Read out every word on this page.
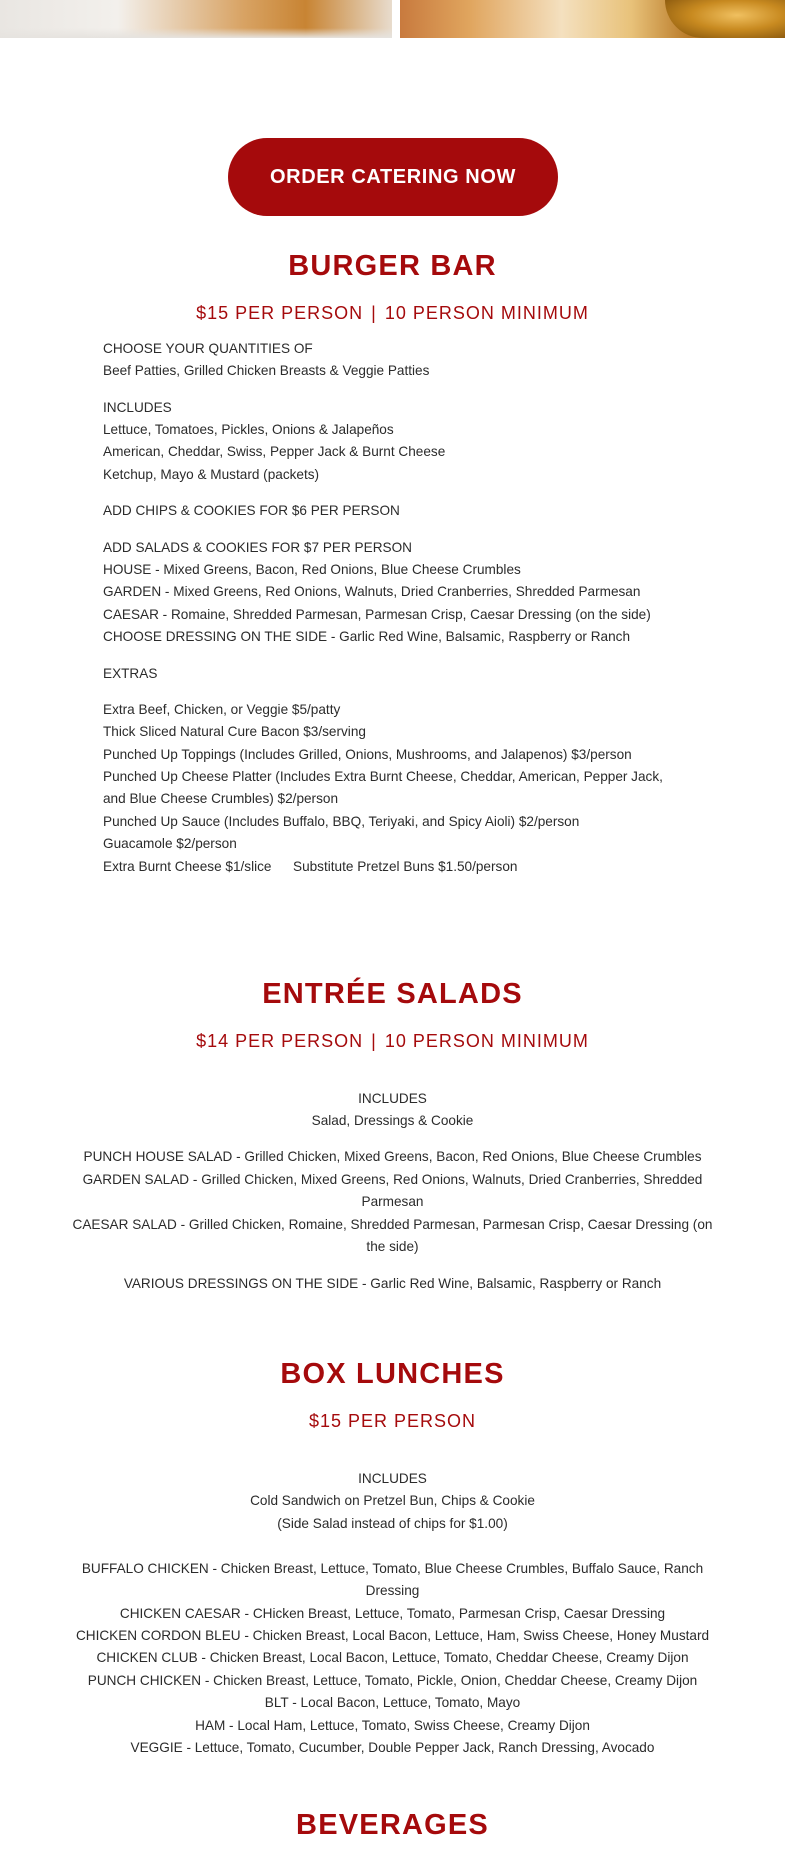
ORDER CATERING NOW
BURGER BAR
$15 PER PERSON | 10 PERSON MINIMUM
CHOOSE YOUR QUANTITIES OF
Beef Patties, Grilled Chicken Breasts & Veggie Patties
INCLUDES
Lettuce, Tomatoes, Pickles, Onions & Jalapeños
American, Cheddar, Swiss, Pepper Jack & Burnt Cheese
Ketchup, Mayo & Mustard (packets)
ADD CHIPS & COOKIES FOR $6 PER PERSON
ADD SALADS & COOKIES FOR $7 PER PERSON
HOUSE - Mixed Greens, Bacon, Red Onions, Blue Cheese Crumbles
GARDEN - Mixed Greens, Red Onions, Walnuts, Dried Cranberries, Shredded Parmesan
CAESAR - Romaine, Shredded Parmesan, Parmesan Crisp, Caesar Dressing (on the side)
CHOOSE DRESSING ON THE SIDE - Garlic Red Wine, Balsamic, Raspberry or Ranch
EXTRAS
Extra Beef, Chicken, or Veggie $5/patty
Thick Sliced Natural Cure Bacon $3/serving
Punched Up Toppings (Includes Grilled, Onions, Mushrooms, and Jalapenos) $3/person
Punched Up Cheese Platter (Includes Extra Burnt Cheese, Cheddar, American, Pepper Jack,
and Blue Cheese Crumbles) $2/person
Punched Up Sauce (Includes Buffalo, BBQ, Teriyaki, and Spicy Aioli) $2/person
Guacamole $2/person
Extra Burnt Cheese $1/slice Substitute Pretzel Buns $1.50/person
ENTRÉE SALADS
$14 PER PERSON | 10 PERSON MINIMUM
INCLUDES
Salad, Dressings & Cookie
PUNCH HOUSE SALAD - Grilled Chicken, Mixed Greens, Bacon, Red Onions, Blue Cheese Crumbles
GARDEN SALAD - Grilled Chicken, Mixed Greens, Red Onions, Walnuts, Dried Cranberries, Shredded Parmesan
CAESAR SALAD - Grilled Chicken, Romaine, Shredded Parmesan, Parmesan Crisp, Caesar Dressing (on the side)
VARIOUS DRESSINGS ON THE SIDE - Garlic Red Wine, Balsamic, Raspberry or Ranch
BOX LUNCHES
$15 PER PERSON
INCLUDES
Cold Sandwich on Pretzel Bun, Chips & Cookie
(Side Salad instead of chips for $1.00)
BUFFALO CHICKEN - Chicken Breast, Lettuce, Tomato, Blue Cheese Crumbles, Buffalo Sauce, Ranch Dressing
CHICKEN CAESAR - CHicken Breast, Lettuce, Tomato, Parmesan Crisp, Caesar Dressing
CHICKEN CORDON BLEU - Chicken Breast, Local Bacon, Lettuce, Ham, Swiss Cheese, Honey Mustard
CHICKEN CLUB - Chicken Breast, Local Bacon, Lettuce, Tomato, Cheddar Cheese, Creamy Dijon
PUNCH CHICKEN - Chicken Breast, Lettuce, Tomato, Pickle, Onion, Cheddar Cheese, Creamy Dijon
BLT - Local Bacon, Lettuce, Tomato, Mayo
HAM - Local Ham, Lettuce, Tomato, Swiss Cheese, Creamy Dijon
VEGGIE - Lettuce, Tomato, Cucumber, Double Pepper Jack, Ranch Dressing, Avocado
BEVERAGES
